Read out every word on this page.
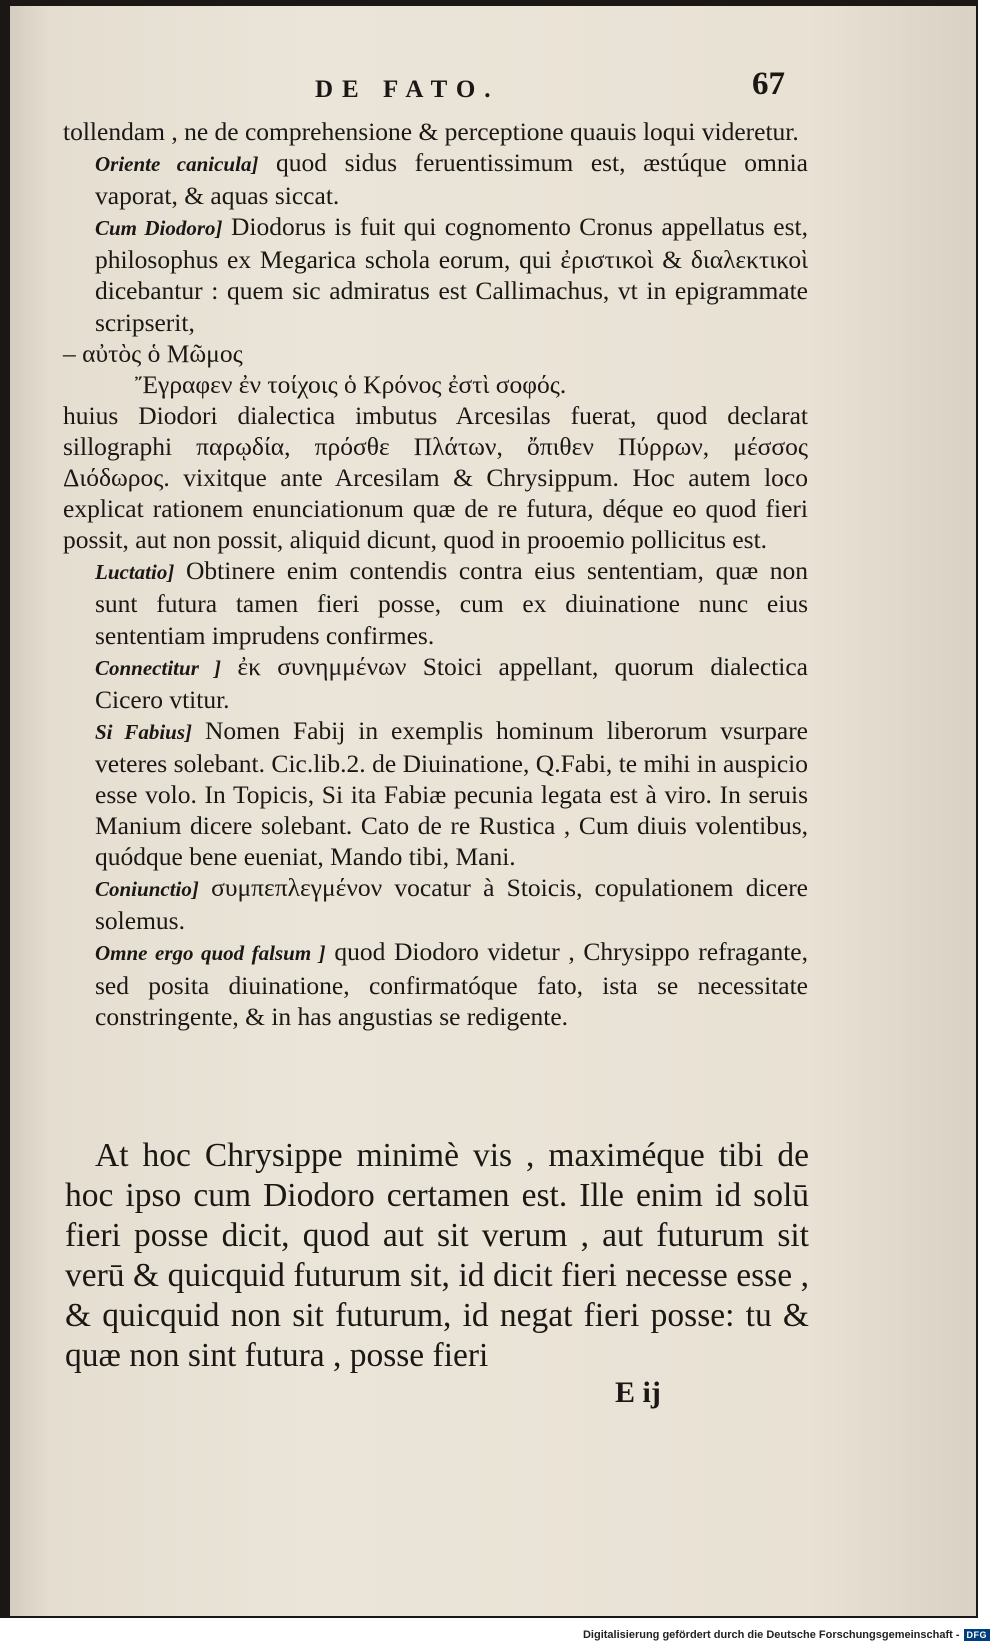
DE FATO.	67
tollendam , ne de comprehensione & perceptione quauis loqui videretur.
Oriente canicula] quod sidus feruentissimum est, æstúque omnia vaporat, & aquas siccat.
Cum Diodoro] Diodorus is fuit qui cognomento Cronus appellatus est, philosophus ex Megarica schola eorum, qui ἐριστικοὶ & διαλεκτικοὶ dicebantur : quem sic admiratus est Callimachus, vt in epigrammate scripserit,
– αὐτὸς ὁ Μῶμος
Ἔγραφεν ἐν τοίχοις ὁ Κρόνος ἐστὶ σοφός.
huius Diodori dialectica imbutus Arcesilas fuerat, quod declarat sillographi παρῳδία, πρόσθε Πλάτων, ὄπιθεν Πύρρων, μέσσος Διόδωρος. vixitque ante Arcesilam & Chrysippum. Hoc autem loco explicat rationem enunciationum quæ de re futura, déque eo quod fieri possit, aut non possit, aliquid dicunt, quod in prooemio pollicitus est.
Luctatio] Obtinere enim contendis contra eius sententiam, quæ non sunt futura tamen fieri posse, cum ex diuinatione nunc eius sententiam imprudens confirmes.
Connectitur ] ἐκ συνημμένων Stoici appellant, quorum dialectica Cicero vtitur.
Si Fabius] Nomen Fabij in exemplis hominum liberorum vsurpare veteres solebant. Cic.lib.2. de Diuinatione, Q.Fabi, te mihi in auspicio esse volo. In Topicis, Si ita Fabiæ pecunia legata est à viro. In seruis Manium dicere solebant. Cato de re Rustica , Cum diuis volentibus, quódque bene eueniat, Mando tibi, Mani.
Coniunctio] συμπεπλεγμένον vocatur à Stoicis, copulationem dicere solemus.
Omne ergo quod falsum ] quod Diodoro videtur , Chrysippo refragante, sed posita diuinatione, confirmatóque fato, ista se necessitate constringente, & in has angustias se redigente.
At hoc Chrysippe minimè vis , maximéque tibi de hoc ipso cum Diodoro certamen est. Ille enim id solū fieri posse dicit, quod aut sit verum , aut futurum sit verū & quicquid futurum sit, id dicit fieri necesse esse , & quicquid non sit futurum, id negat fieri posse: tu & quæ non sint futura , posse fieri
E ij
Digitalisierung gefördert durch die Deutsche Forschungsgemeinschaft - DFG
